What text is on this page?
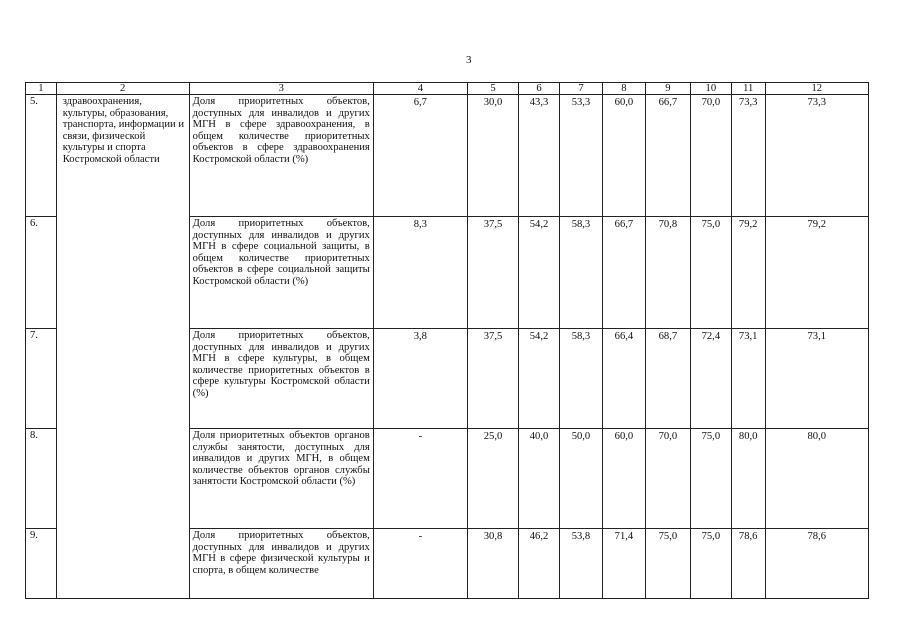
3
1	2	3	4	5	6	7	8	9	10	11	12
5.	здравоохранения, культуры, образования, транспорта, информации и связи, физической культуры и спорта Костромской области	Доля приоритетных объектов, доступных для инвалидов и других МГН в сфере здравоохранения, в общем количестве приоритетных объектов в сфере здравоохранения Костромской области (%)	6,7	30,0	43,3	53,3	60,0	66,7	70,0	73,3	73,3
6.		Доля приоритетных объектов, доступных для инвалидов и других МГН в сфере социальной защиты, в общем количестве приоритетных объектов в сфере социальной защиты Костромской области (%)	8,3	37,5	54,2	58,3	66,7	70,8	75,0	79,2	79,2
7.		Доля приоритетных объектов, доступных для инвалидов и других МГН в сфере культуры, в общем количестве приоритетных объектов в сфере культуры Костромской области (%)	3,8	37,5	54,2	58,3	66,4	68,7	72,4	73,1	73,1
8.		Доля приоритетных объектов органов службы занятости, доступных для инвалидов и других МГН, в общем количестве объектов органов службы занятости Костромской области (%)	-	25,0	40,0	50,0	60,0	70,0	75,0	80,0	80,0
9.		Доля приоритетных объектов, доступных для инвалидов и других МГН в сфере физической культуры и спорта, в общем количестве	-	30,8	46,2	53,8	71,4	75,0	75,0	78,6	78,6
